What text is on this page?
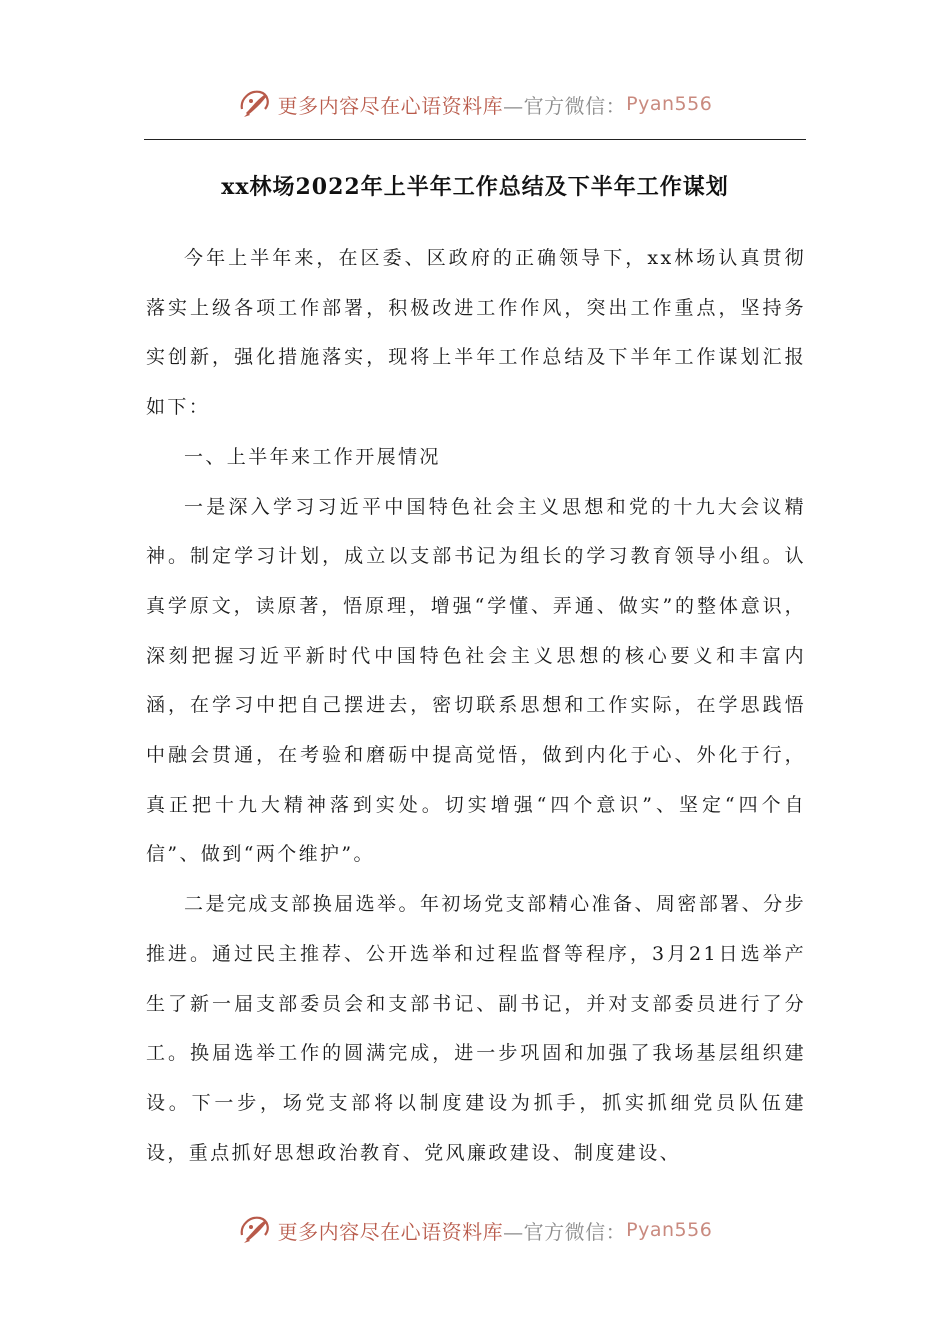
更多内容尽在心语资料库 —官方微信： Pyan556
xx林场2022年上半年工作总结及下半年工作谋划

今年上半年来，在区委、区政府的正确领导下，xx林场认真贯彻落实上级各项工作部署，积极改进工作作风，突出工作重点，坚持务实创新，强化措施落实，现将上半年工作总结及下半年工作谋划汇报如下：

一、上半年来工作开展情况

一是深入学习习近平中国特色社会主义思想和党的十九大会议精神。制定学习计划，成立以支部书记为组长的学习教育领导小组。认真学原文，读原著，悟原理，增强“学懂、弄通、做实”的整体意识，深刻把握习近平新时代中国特色社会主义思想的核心要义和丰富内涵，在学习中把自己摆进去，密切联系思想和工作实际，在学思践悟中融会贯通，在考验和磨砺中提高觉悟，做到内化于心、外化于行，真正把十九大精神落到实处。切实增强“四个意识”、坚定“四个自信”、做到“两个维护”。

二是完成支部换届选举。年初场党支部精心准备、周密部署、分步推进。通过民主推荐、公开选举和过程监督等程序，3月21日选举产生了新一届支部委员会和支部书记、副书记，并对支部委员进行了分工。换届选举工作的圆满完成，进一步巩固和加强了我场基层组织建设。下一步，场党支部将以制度建设为抓手，抓实抓细党员队伍建设，重点抓好思想政治教育、党风廉政建设、制度建设、

更多内容尽在心语资料库 —官方微信： Pyan556
